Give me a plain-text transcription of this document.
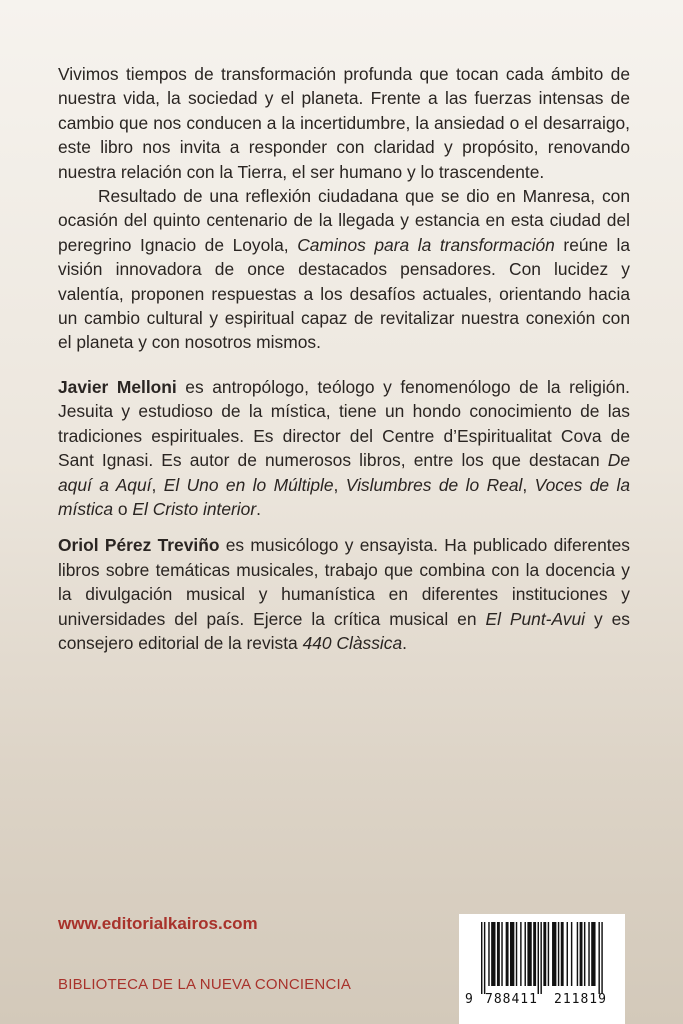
Vivimos tiempos de transformación profunda que tocan cada ámbito de nuestra vida, la sociedad y el planeta. Frente a las fuerzas intensas de cambio que nos conducen a la incertidumbre, la ansiedad o el desarraigo, este libro nos invita a responder con claridad y propósito, renovando nuestra relación con la Tierra, el ser humano y lo trascendente.

Resultado de una reflexión ciudadana que se dio en Manresa, con ocasión del quinto centenario de la llegada y estancia en esta ciudad del peregrino Ignacio de Loyola, Caminos para la transformación reúne la visión innovadora de once destacados pensadores. Con lucidez y valentía, proponen respuestas a los desafíos actuales, orientando hacia un cambio cultural y espiritual capaz de revitalizar nuestra conexión con el planeta y con nosotros mismos.

Javier Melloni es antropólogo, teólogo y fenomenólogo de la religión. Jesuita y estudioso de la mística, tiene un hondo conocimiento de las tradiciones espirituales. Es director del Centre d’Espiritualitat Cova de Sant Ignasi. Es autor de numerosos libros, entre los que destacan De aquí a Aquí, El Uno en lo Múltiple, Vislumbres de lo Real, Voces de la mística o El Cristo interior.

Oriol Pérez Treviño es musicólogo y ensayista. Ha publicado diferentes libros sobre temáticas musicales, trabajo que combina con la docencia y la divulgación musical y humanística en diferentes instituciones y universidades del país. Ejerce la crítica musical en El Punt-Avui y es consejero editorial de la revista 440 Clàssica.

www.editorialkairos.com
BIBLIOTECA DE LA NUEVA CONCIENCIA
9 788411 211819
